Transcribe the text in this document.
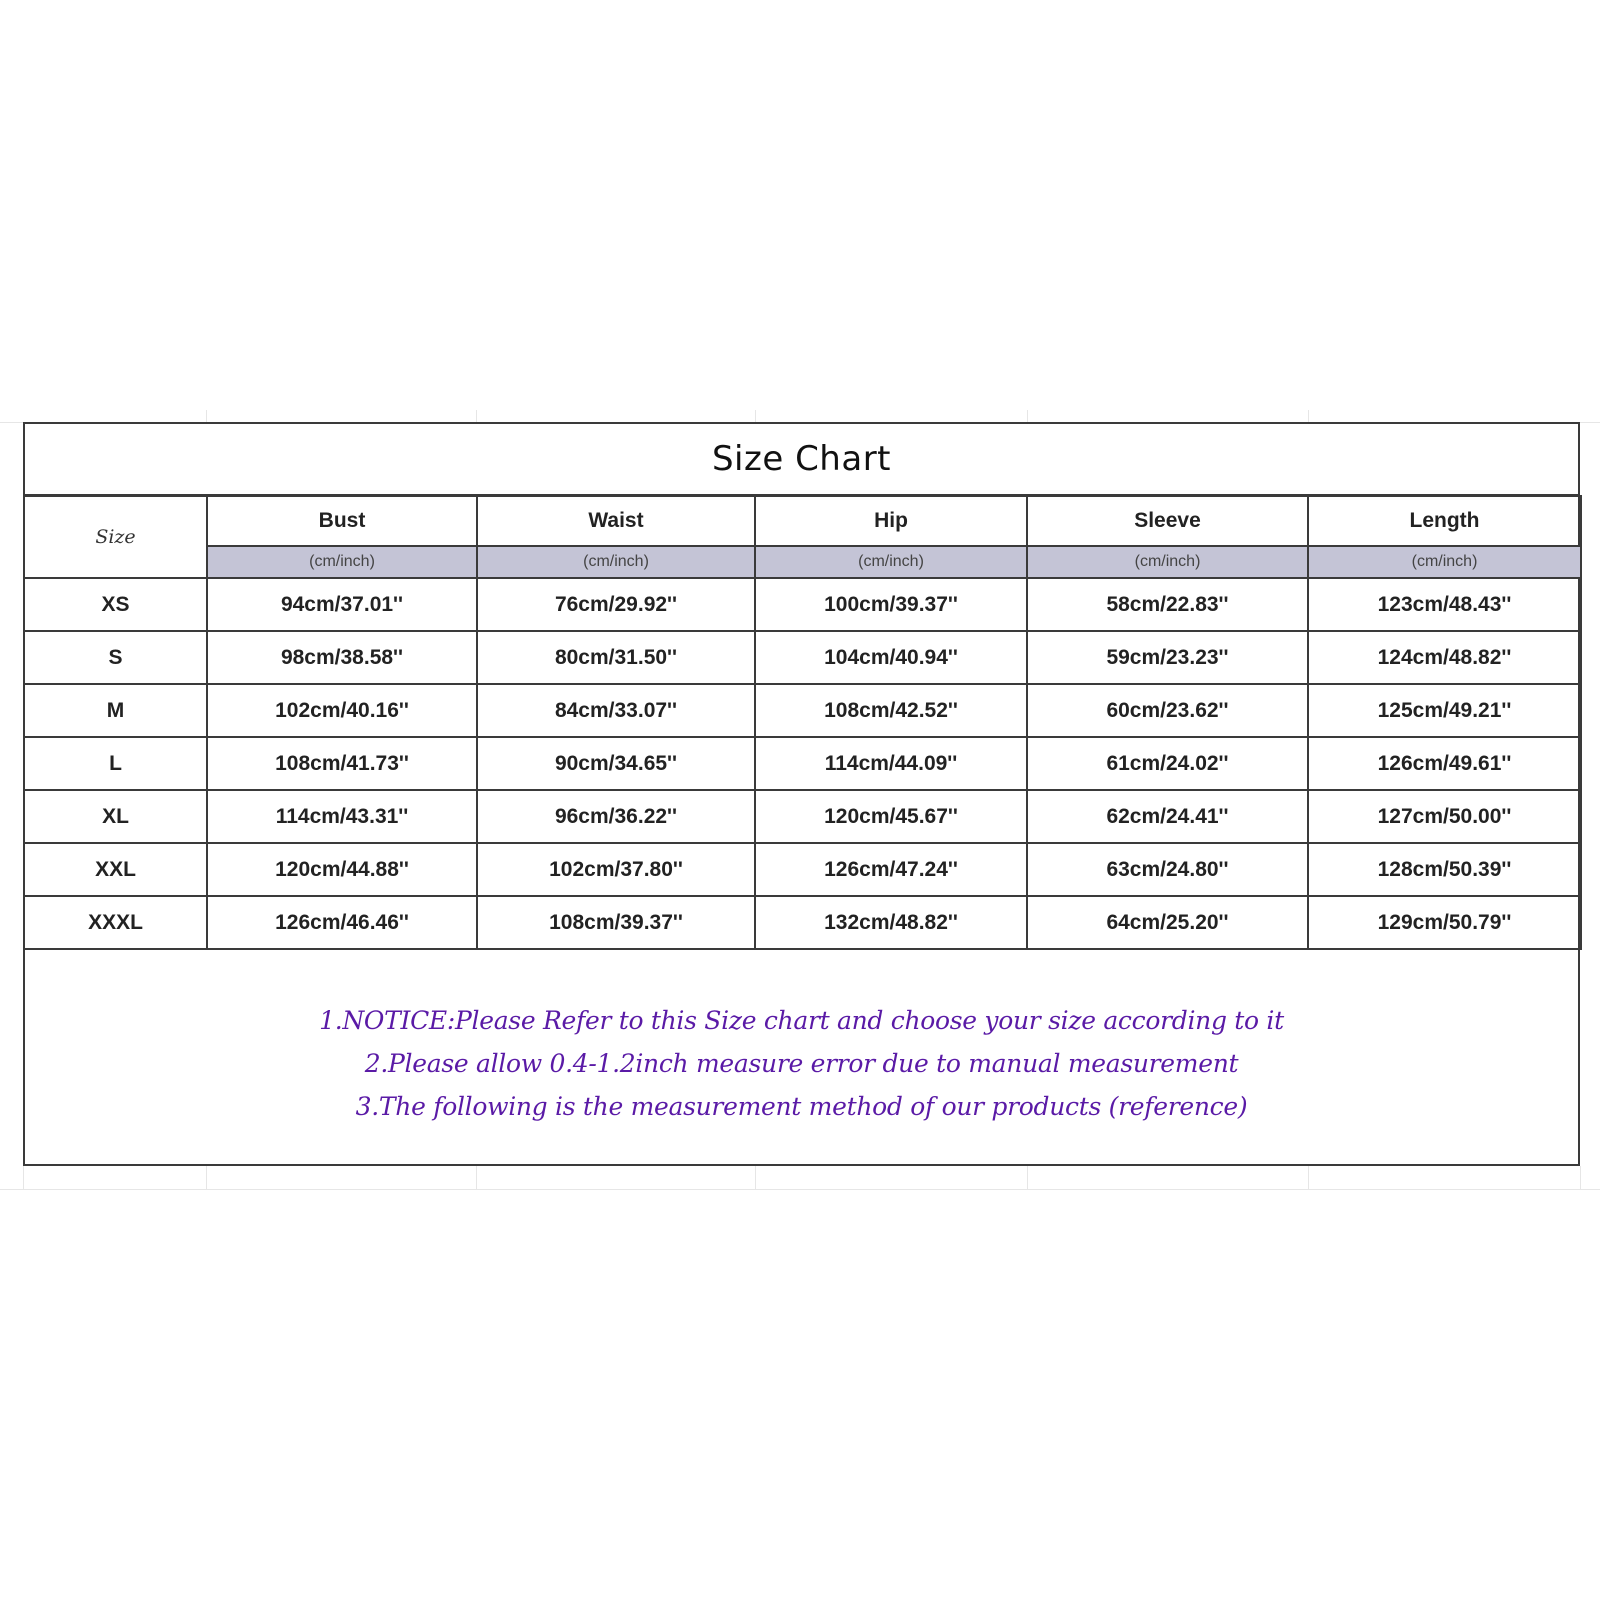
Size Chart
Size	Bust	Waist	Hip	Sleeve	Length
	(cm/inch)	(cm/inch)	(cm/inch)	(cm/inch)	(cm/inch)
XS	94cm/37.01''	76cm/29.92''	100cm/39.37''	58cm/22.83''	123cm/48.43''
S	98cm/38.58''	80cm/31.50''	104cm/40.94''	59cm/23.23''	124cm/48.82''
M	102cm/40.16''	84cm/33.07''	108cm/42.52''	60cm/23.62''	125cm/49.21''
L	108cm/41.73''	90cm/34.65''	114cm/44.09''	61cm/24.02''	126cm/49.61''
XL	114cm/43.31''	96cm/36.22''	120cm/45.67''	62cm/24.41''	127cm/50.00''
XXL	120cm/44.88''	102cm/37.80''	126cm/47.24''	63cm/24.80''	128cm/50.39''
XXXL	126cm/46.46''	108cm/39.37''	132cm/48.82''	64cm/25.20''	129cm/50.79''
1.NOTICE:Please Refer to this Size chart and choose your size according to it
2.Please allow 0.4-1.2inch measure error due to manual measurement
3.The following is the measurement method of our products (reference)
